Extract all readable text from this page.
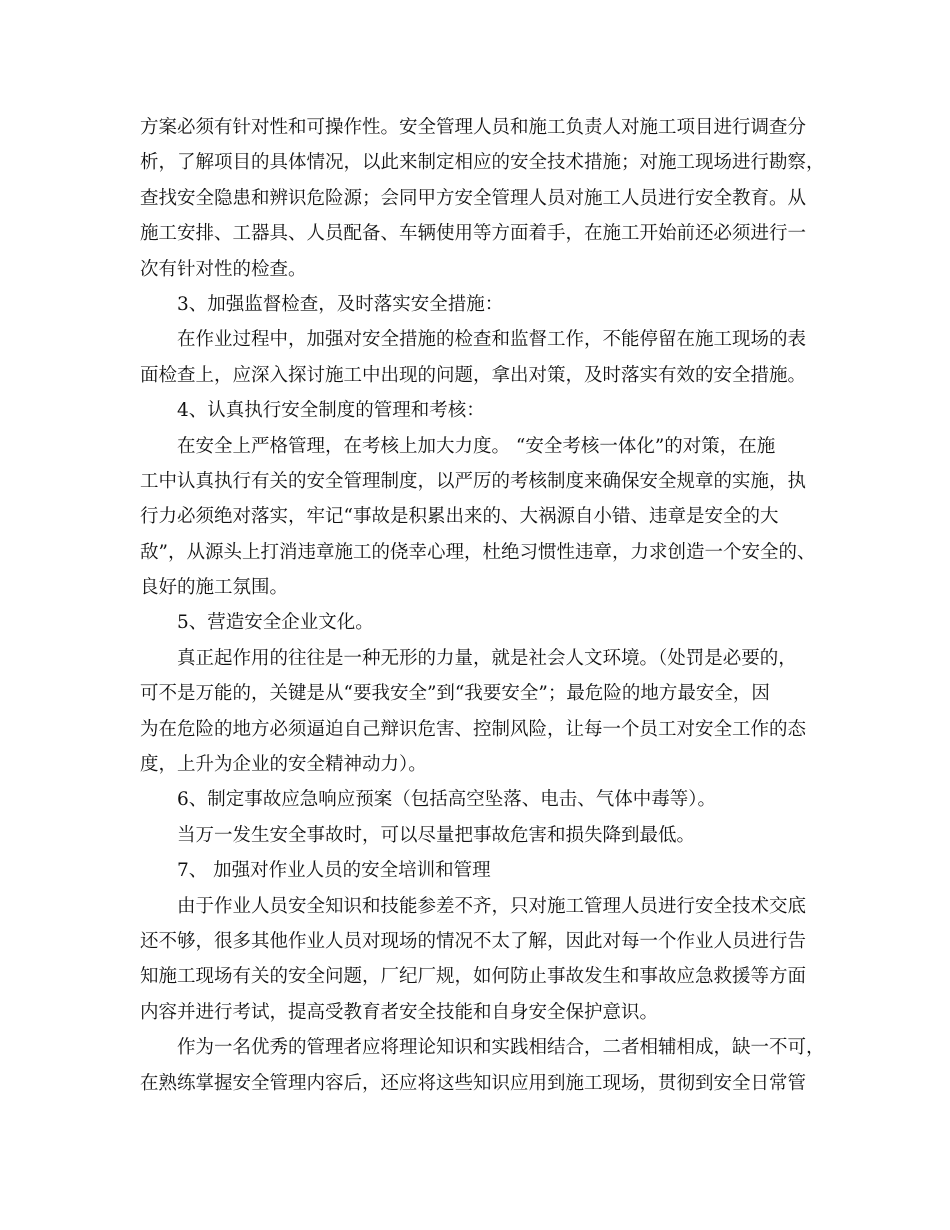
方案必须有针对性和可操作性。安全管理人员和施工负责人对施工项目进行调查分
析，了解项目的具体情况，以此来制定相应的安全技术措施；对施工现场进行勘察，
查找安全隐患和辨识危险源；会同甲方安全管理人员对施工人员进行安全教育。从
施工安排、工器具、人员配备、车辆使用等方面着手，在施工开始前还必须进行一
次有针对性的检查。
3、加强监督检查，及时落实安全措施：
在作业过程中，加强对安全措施的检查和监督工作，不能停留在施工现场的表
面检查上，应深入探讨施工中出现的问题，拿出对策，及时落实有效的安全措施。
4、认真执行安全制度的管理和考核：
在安全上严格管理，在考核上加大力度。 “安全考核一体化”的对策，在施
工中认真执行有关的安全管理制度，以严厉的考核制度来确保安全规章的实施，执
行力必须绝对落实，牢记“事故是积累出来的、大祸源自小错、违章是安全的大
敌”，从源头上打消违章施工的侥幸心理，杜绝习惯性违章，力求创造一个安全的、
良好的施工氛围。
5、营造安全企业文化。
真正起作用的往往是一种无形的力量，就是社会人文环境。（处罚是必要的，
可不是万能的，关键是从“要我安全”到“我要安全”；最危险的地方最安全，因
为在危险的地方必须逼迫自己辩识危害、控制风险，让每一个员工对安全工作的态
度，上升为企业的安全精神动力）。
6、制定事故应急响应预案（包括高空坠落、电击、气体中毒等）。
当万一发生安全事故时，可以尽量把事故危害和损失降到最低。
7、 加强对作业人员的安全培训和管理
由于作业人员安全知识和技能参差不齐，只对施工管理人员进行安全技术交底
还不够，很多其他作业人员对现场的情况不太了解，因此对每一个作业人员进行告
知施工现场有关的安全问题，厂纪厂规，如何防止事故发生和事故应急救援等方面
内容并进行考试，提高受教育者安全技能和自身安全保护意识。
作为一名优秀的管理者应将理论知识和实践相结合，二者相辅相成，缺一不可，
在熟练掌握安全管理内容后，还应将这些知识应用到施工现场，贯彻到安全日常管
